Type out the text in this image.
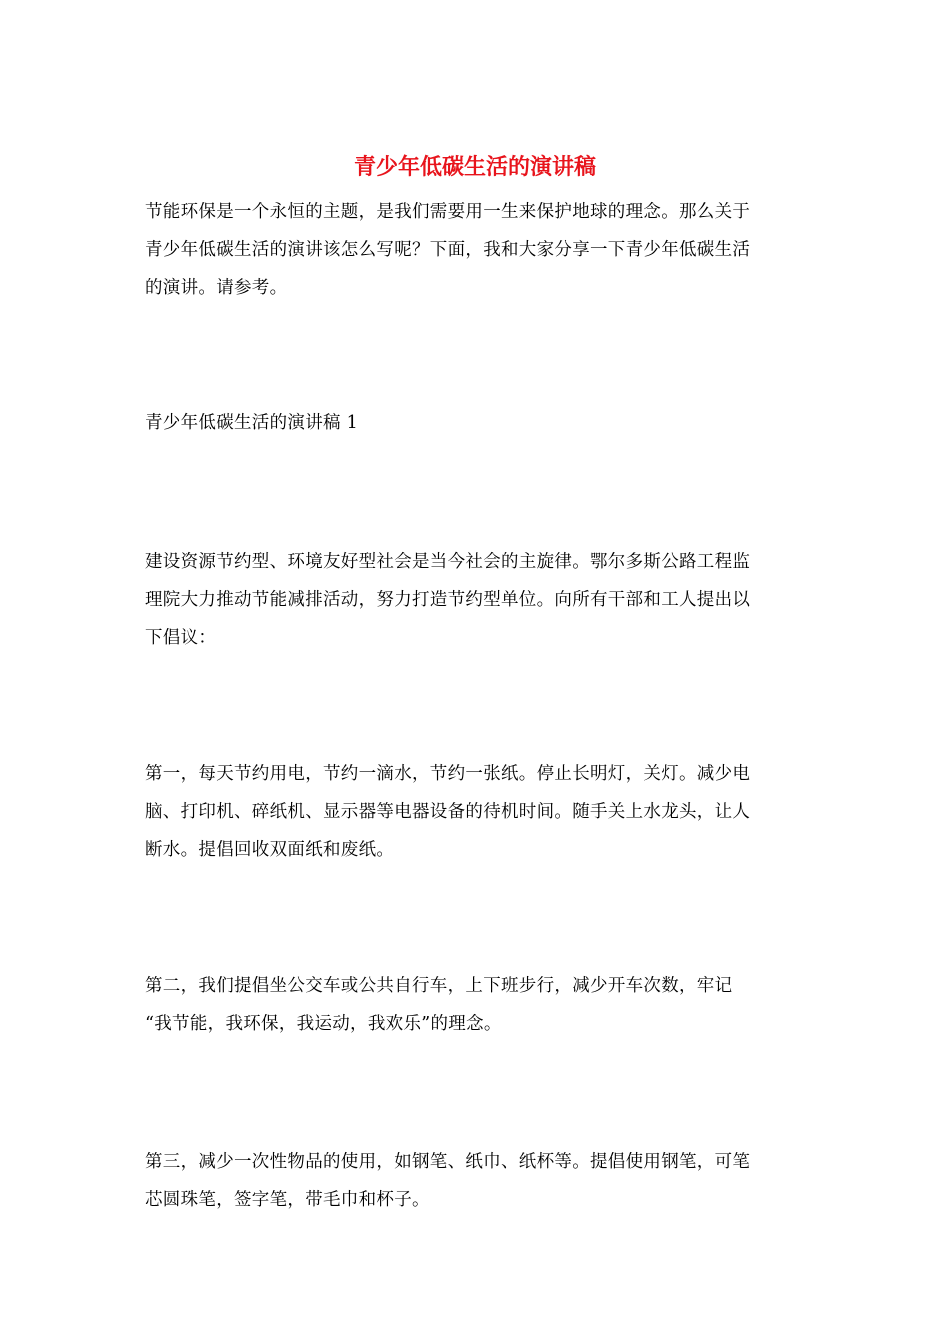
青少年低碳生活的演讲稿

节能环保是一个永恒的主题，是我们需要用一生来保护地球的理念。那么关于
青少年低碳生活的演讲该怎么写呢？下面，我和大家分享一下青少年低碳生活
的演讲。请参考。

青少年低碳生活的演讲稿 1

建设资源节约型、环境友好型社会是当今社会的主旋律。鄂尔多斯公路工程监
理院大力推动节能减排活动，努力打造节约型单位。向所有干部和工人提出以
下倡议：

第一，每天节约用电，节约一滴水，节约一张纸。停止长明灯，关灯。减少电
脑、打印机、碎纸机、显示器等电器设备的待机时间。随手关上水龙头，让人
断水。提倡回收双面纸和废纸。

第二，我们提倡坐公交车或公共自行车，上下班步行，减少开车次数，牢记
“我节能，我环保，我运动，我欢乐”的理念。

第三，减少一次性物品的使用，如钢笔、纸巾、纸杯等。提倡使用钢笔，可笔
芯圆珠笔，签字笔，带毛巾和杯子。
